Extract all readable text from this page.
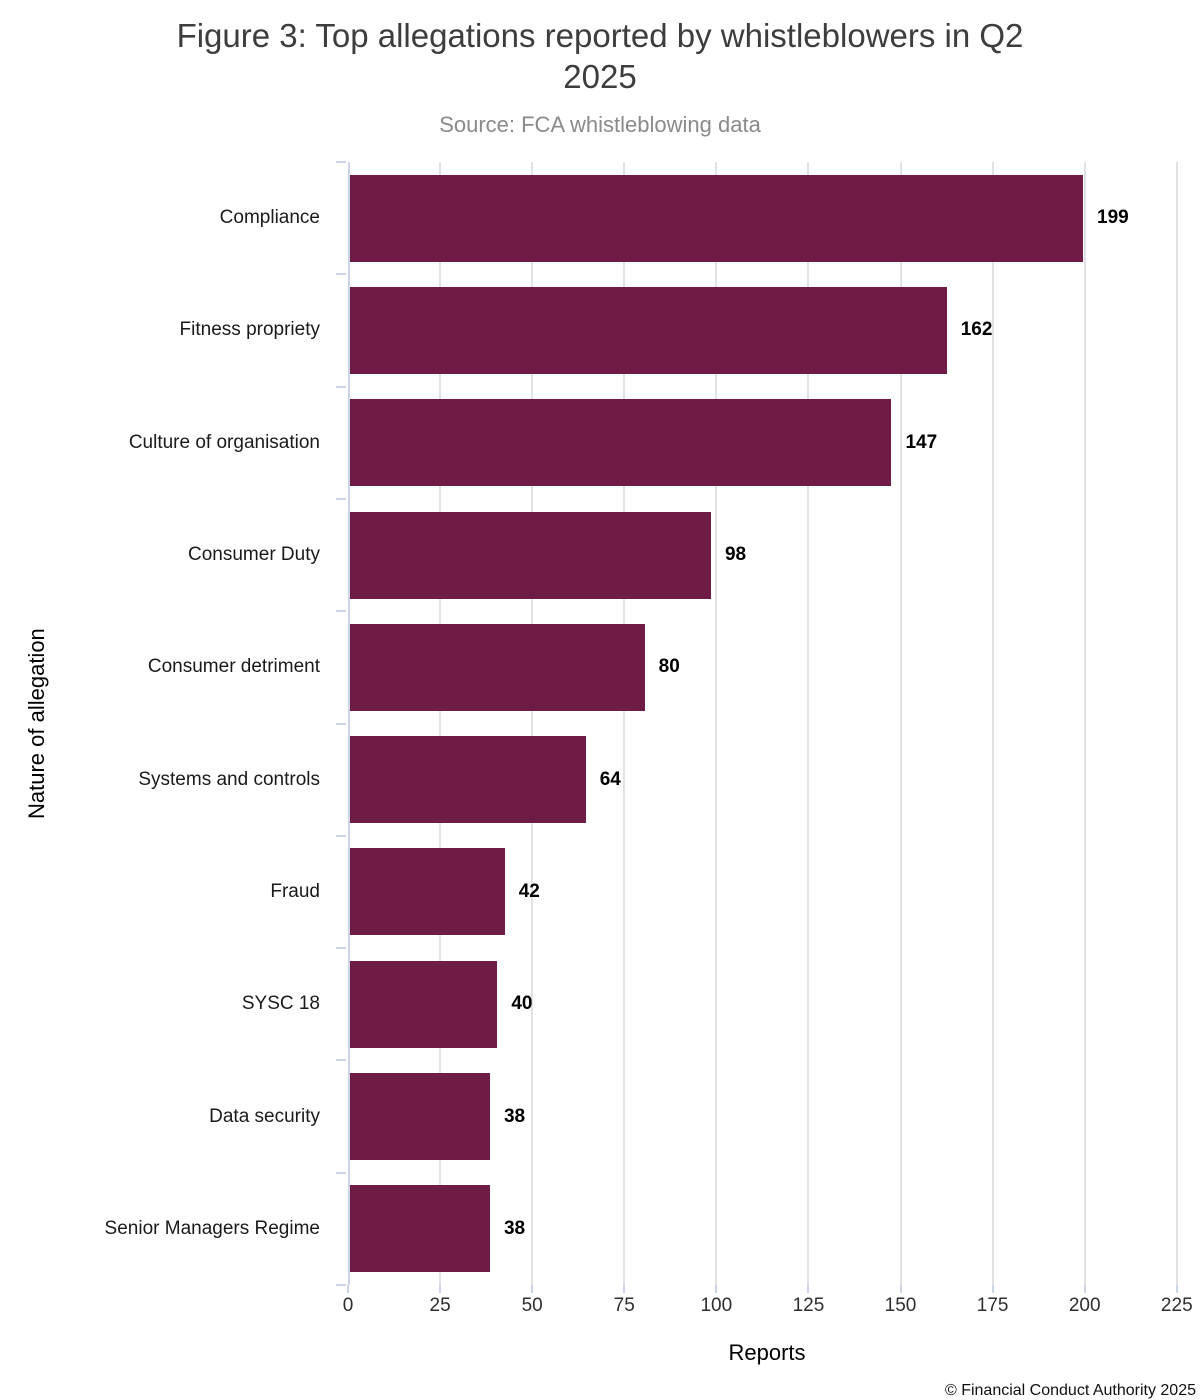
Figure 3: Top allegations reported by whistleblowers in Q2
2025
Source: FCA whistleblowing data
Nature of allegation
Compliance
Fitness propriety
Culture of organisation
Consumer Duty
Consumer detriment
Systems and controls
Fraud
SYSC 18
Data security
Senior Managers Regime
199
162
147
98
80
64
42
40
38
38
Reports
© Financial Conduct Authority 2025
0	25	50	75	100	125	150	175	200	225
